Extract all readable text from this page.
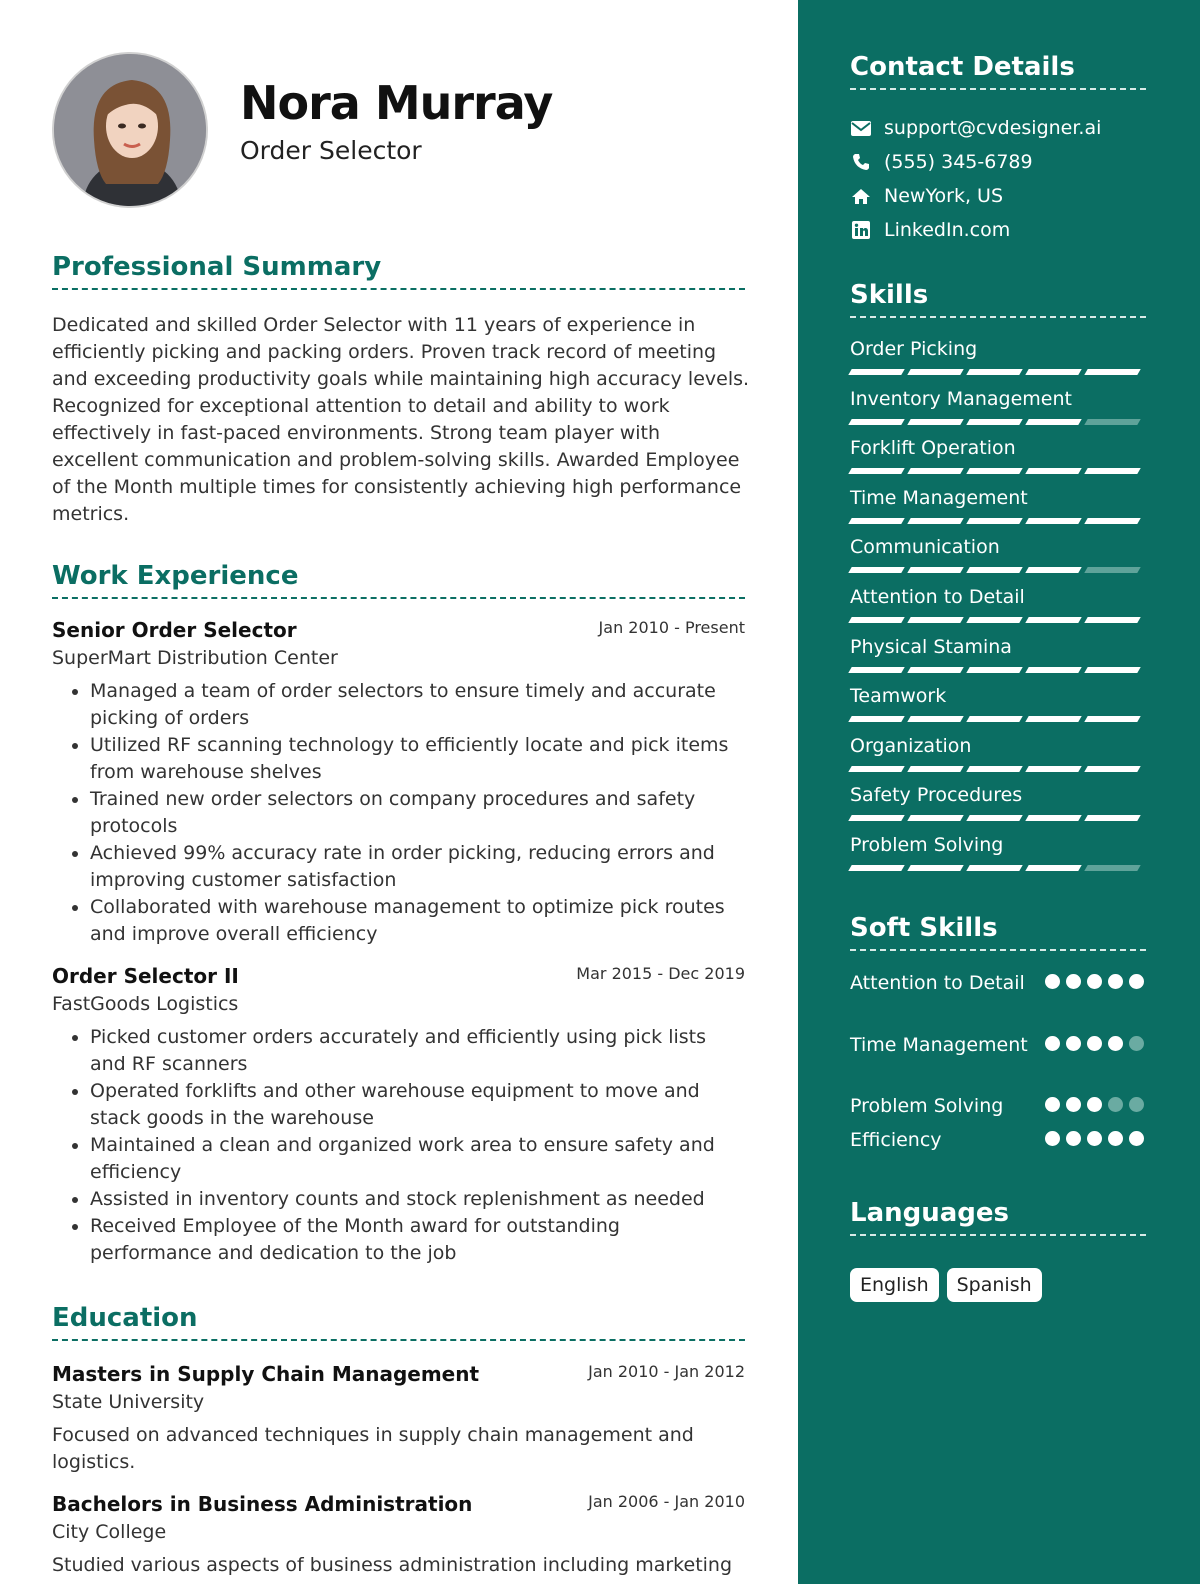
Nora Murray
Order Selector
Professional Summary
Dedicated and skilled Order Selector with 11 years of experience in efficiently picking and packing orders. Proven track record of meeting and exceeding productivity goals while maintaining high accuracy levels. Recognized for exceptional attention to detail and ability to work effectively in fast-paced environments. Strong team player with excellent communication and problem-solving skills. Awarded Employee of the Month multiple times for consistently achieving high performance metrics.
Work Experience
Senior Order Selector	Jan 2010 - Present
SuperMart Distribution Center
• Managed a team of order selectors to ensure timely and accurate picking of orders
• Utilized RF scanning technology to efficiently locate and pick items from warehouse shelves
• Trained new order selectors on company procedures and safety protocols
• Achieved 99% accuracy rate in order picking, reducing errors and improving customer satisfaction
• Collaborated with warehouse management to optimize pick routes and improve overall efficiency
Order Selector II	Mar 2015 - Dec 2019
FastGoods Logistics
• Picked customer orders accurately and efficiently using pick lists and RF scanners
• Operated forklifts and other warehouse equipment to move and stack goods in the warehouse
• Maintained a clean and organized work area to ensure safety and efficiency
• Assisted in inventory counts and stock replenishment as needed
• Received Employee of the Month award for outstanding performance and dedication to the job
Education
Masters in Supply Chain Management	Jan 2010 - Jan 2012
State University
Focused on advanced techniques in supply chain management and logistics.
Bachelors in Business Administration	Jan 2006 - Jan 2010
City College
Studied various aspects of business administration including marketing
Contact Details
support@cvdesigner.ai
(555) 345-6789
NewYork, US
LinkedIn.com
Skills
Order Picking
Inventory Management
Forklift Operation
Time Management
Communication
Attention to Detail
Physical Stamina
Teamwork
Organization
Safety Procedures
Problem Solving
Soft Skills
Attention to Detail
Time Management
Problem Solving
Efficiency
Languages
English	Spanish
